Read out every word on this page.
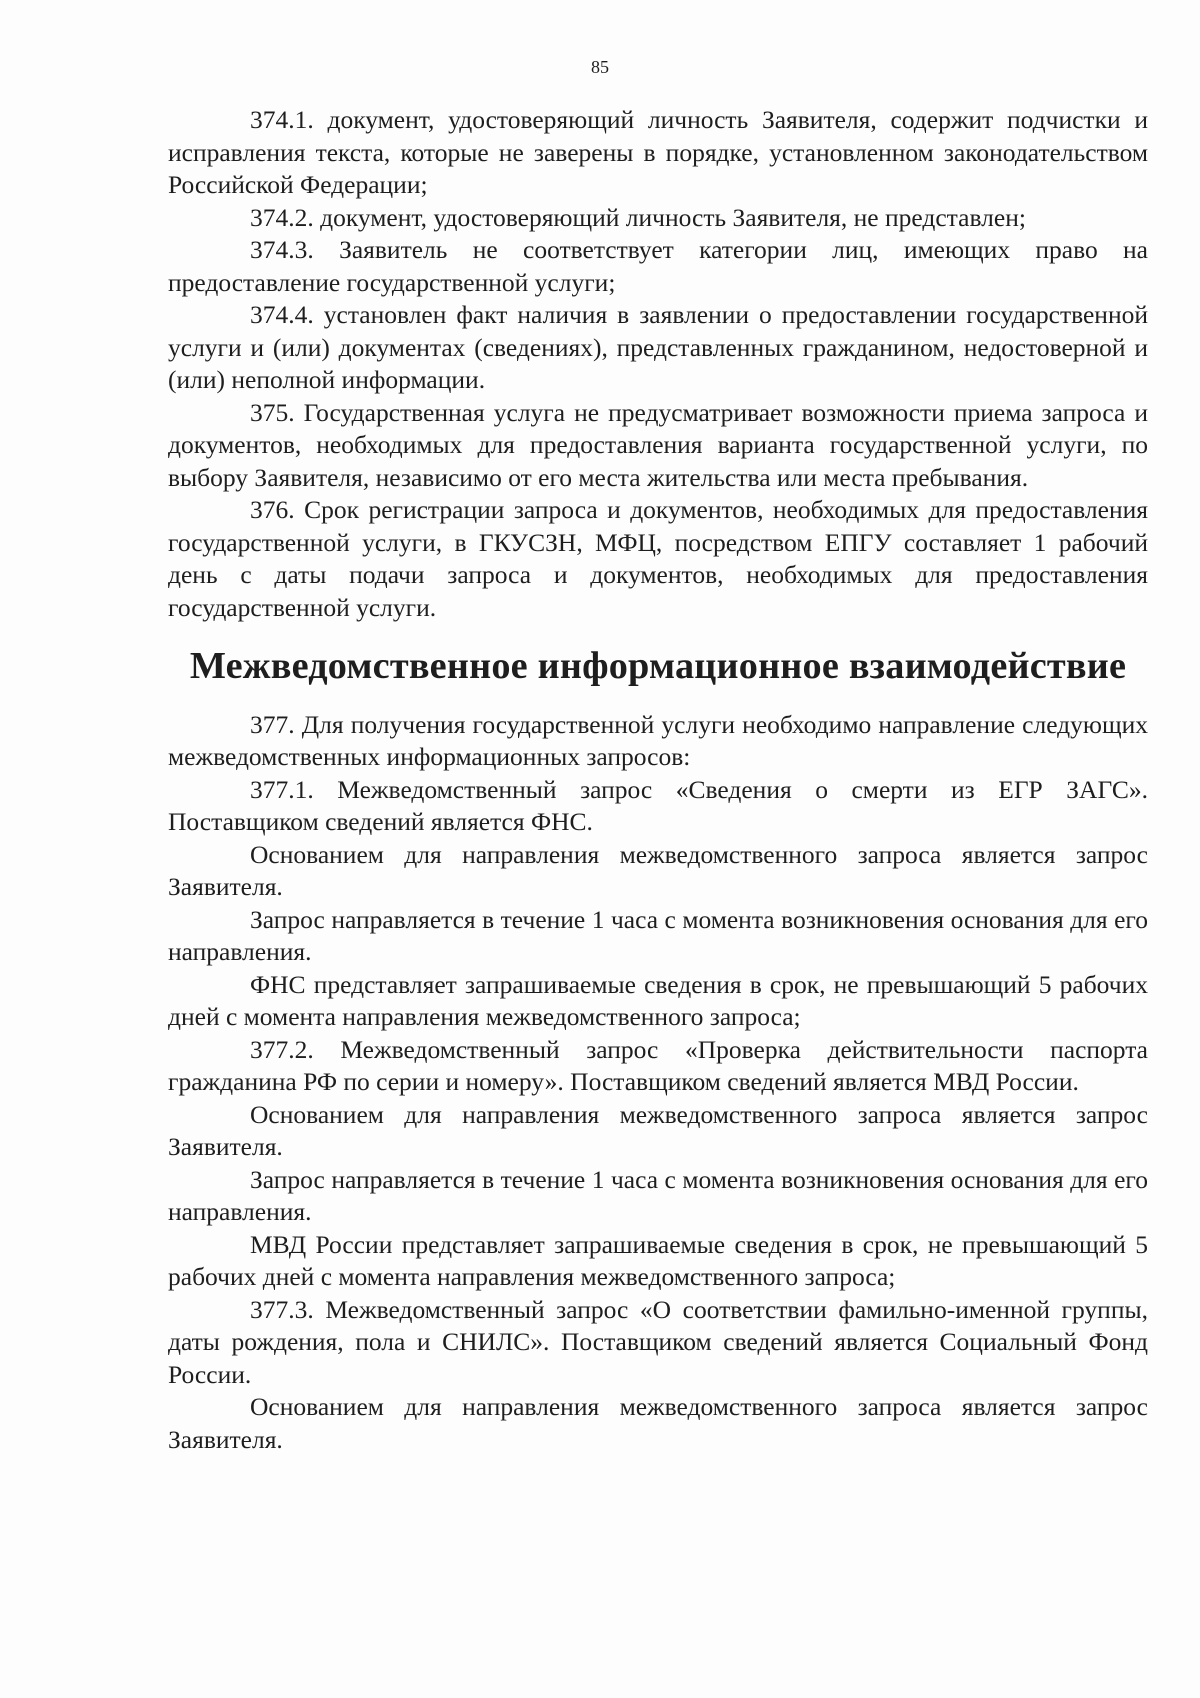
85

374.1. документ, удостоверяющий личность Заявителя, содержит подчистки и исправления текста, которые не заверены в порядке, установленном законодательством Российской Федерации;

374.2. документ, удостоверяющий личность Заявителя, не представлен;

374.3. Заявитель не соответствует категории лиц, имеющих право на предоставление государственной услуги;

374.4. установлен факт наличия в заявлении о предоставлении государственной услуги и (или) документах (сведениях), представленных гражданином, недостоверной и (или) неполной информации.

375. Государственная услуга не предусматривает возможности приема запроса и документов, необходимых для предоставления варианта государственной услуги, по выбору Заявителя, независимо от его места жительства или места пребывания.

376. Срок регистрации запроса и документов, необходимых для предоставления государственной услуги, в ГКУСЗН, МФЦ, посредством ЕПГУ составляет 1 рабочий день с даты подачи запроса и документов, необходимых для предоставления государственной услуги.

Межведомственное информационное взаимодействие

377. Для получения государственной услуги необходимо направление следующих межведомственных информационных запросов:

377.1. Межведомственный запрос «Сведения о смерти из ЕГР ЗАГС». Поставщиком сведений является ФНС.

Основанием для направления межведомственного запроса является запрос Заявителя.

Запрос направляется в течение 1 часа с момента возникновения основания для его направления.

ФНС представляет запрашиваемые сведения в срок, не превышающий 5 рабочих дней с момента направления межведомственного запроса;

377.2. Межведомственный запрос «Проверка действительности паспорта гражданина РФ по серии и номеру». Поставщиком сведений является МВД России.

Основанием для направления межведомственного запроса является запрос Заявителя.

Запрос направляется в течение 1 часа с момента возникновения основания для его направления.

МВД России представляет запрашиваемые сведения в срок, не превышающий 5 рабочих дней с момента направления межведомственного запроса;

377.3. Межведомственный запрос «О соответствии фамильно-именной группы, даты рождения, пола и СНИЛС». Поставщиком сведений является Социальный Фонд России.

Основанием для направления межведомственного запроса является запрос Заявителя.
